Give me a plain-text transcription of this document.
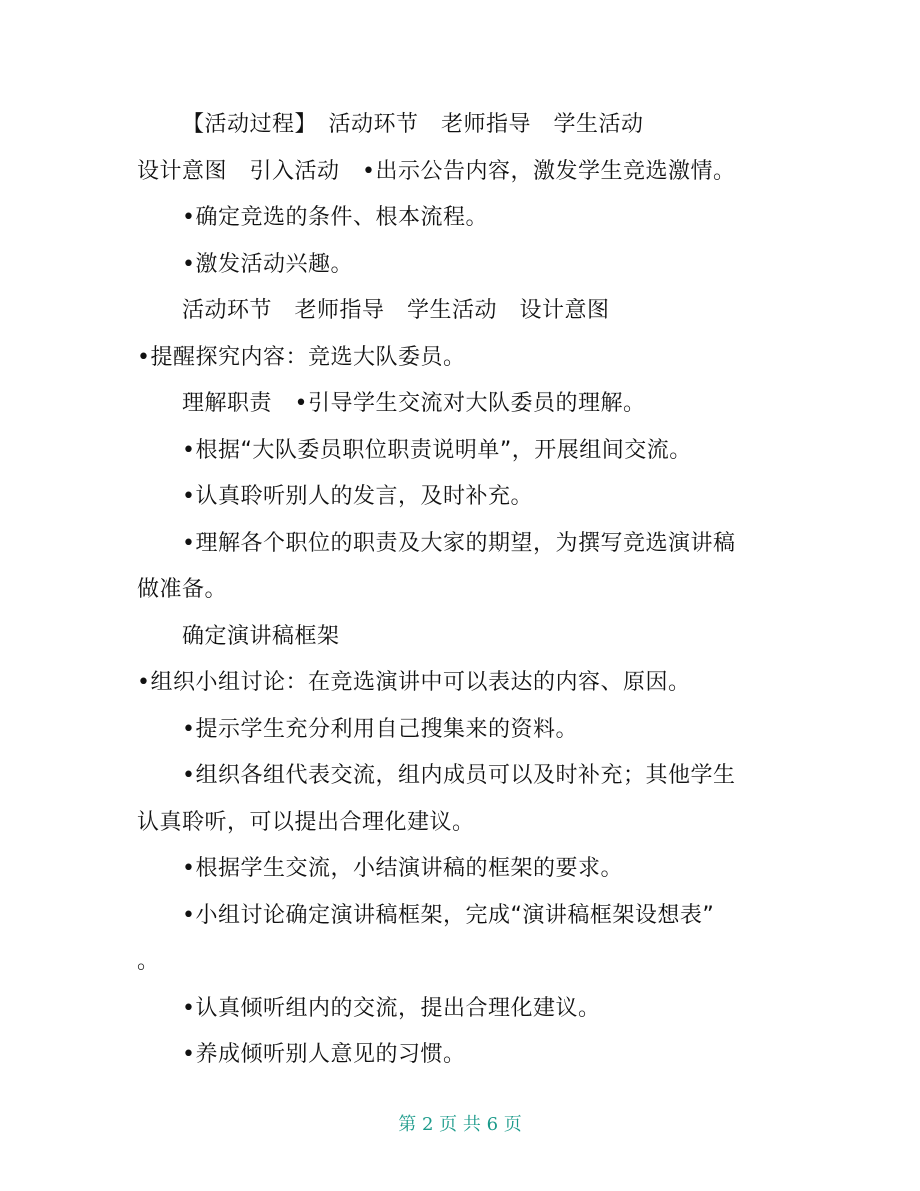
【活动过程】　活动环节　老师指导　学生活动
设计意图　引入活动　•出示公告内容，激发学生竞选激情。
•确定竞选的条件、根本流程。
•激发活动兴趣。
活动环节　老师指导　学生活动　设计意图
•提醒探究内容：竞选大队委员。
理解职责　•引导学生交流对大队委员的理解。
•根据“大队委员职位职责说明单”，开展组间交流。
•认真聆听别人的发言，及时补充。
•理解各个职位的职责及大家的期望，为撰写竞选演讲稿
做准备。
确定演讲稿框架
•组织小组讨论：在竞选演讲中可以表达的内容、原因。
•提示学生充分利用自己搜集来的资料。
•组织各组代表交流，组内成员可以及时补充；其他学生
认真聆听，可以提出合理化建议。
•根据学生交流，小结演讲稿的框架的要求。
•小组讨论确定演讲稿框架，完成“演讲稿框架设想表”
。
•认真倾听组内的交流，提出合理化建议。
•养成倾听别人意见的习惯。
第 2 页 共 6 页
